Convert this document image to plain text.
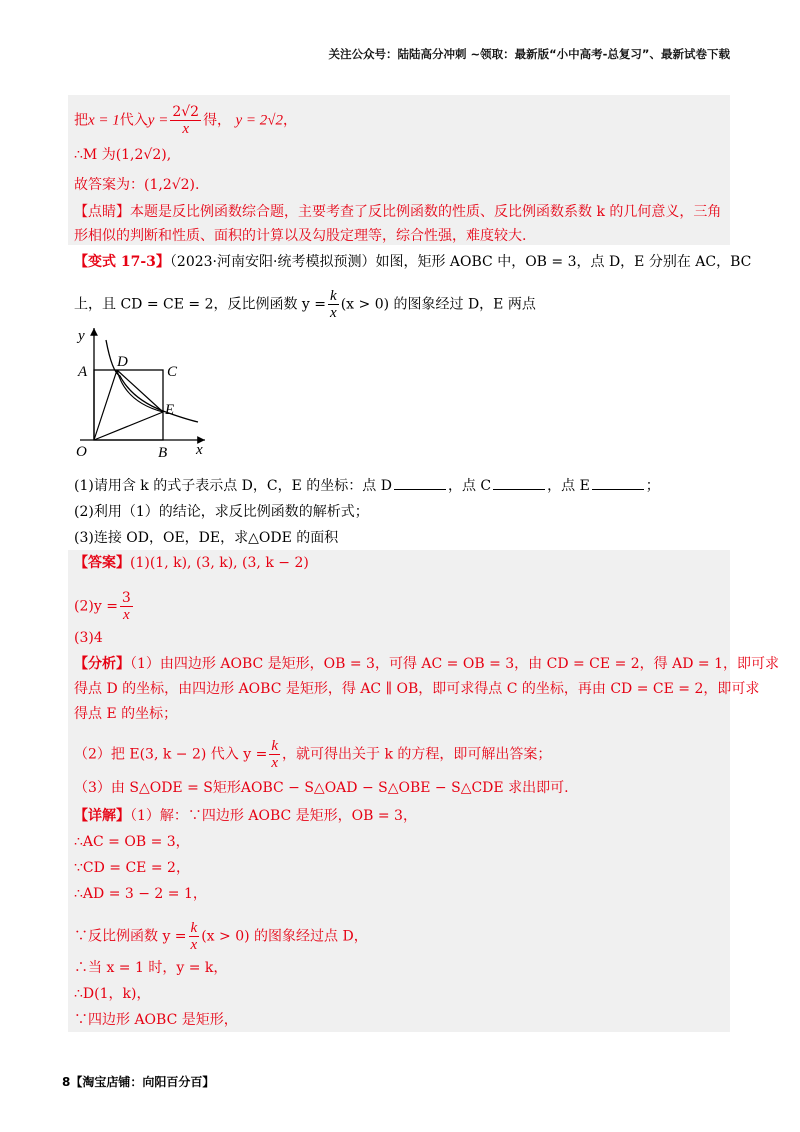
关注公众号：陆陆高分冲刺 ~领取：最新版“小中高考-总复习”、最新试卷下载
把x = 1代入$y = \frac{2√2}{x}$ 得， y = 2√2，
∴M 为(1,2√2),
故答案为：(1,2√2).
【点睛】本题是反比例函数综合题，主要考查了反比例函数的性质、反比例函数系数 k 的几何意义，三角
形相似的判断和性质、面积的计算以及勾股定理等，综合性强，难度较大.
【变式 17-3】（2023·河南安阳·统考模拟预测）如图，矩形 AOBC 中，OB = 3，点 D，E 分别在 AC，BC
上，且 CD = CE = 2，反比例函数 $y = \frac{k}{x} (x > 0)$ 的图象经过 D，E 两点
y
x
O
A
B
C
D
E
(1)请用含 k 的式子表示点 D，C，E 的坐标：点 D	，点 C	，点 E	；
(2)利用（1）的结论，求反比例函数的解析式；
(3)连接 OD，OE，DE，求△ODE 的面积
【答案】(1)(1, k), (3, k), (3, k − 2)
$(2)y = \frac{3}{x}$
(3)4
【分析】（1）由四边形 AOBC 是矩形，OB = 3，可得 AC = OB = 3，由 CD = CE = 2，得 AD = 1，即可求
得点 D 的坐标，由四边形 AOBC 是矩形，得 AC ∥ OB，即可求得点 C 的坐标，再由 CD = CE = 2，即可求
得点 E 的坐标；
（2）把 E(3, k − 2) 代入 $y = \frac{k}{x}$ ，就可得出关于 k 的方程，即可解出答案；
（3）由 S△ODE = S矩形AOBC − S△OAD − S△OBE − S△CDE 求出即可.
【详解】（1）解：∵四边形 AOBC 是矩形，OB = 3，
∴AC = OB = 3，
∵CD = CE = 2，
∴AD = 3 − 2 = 1，
∵反比例函数 $y = \frac{k}{x} (x > 0)$ 的图象经过点 D，
∴当 x = 1 时，y = k，
∴D(1，k)，
∵四边形 AOBC 是矩形，
8【淘宝店铺：向阳百分百】
